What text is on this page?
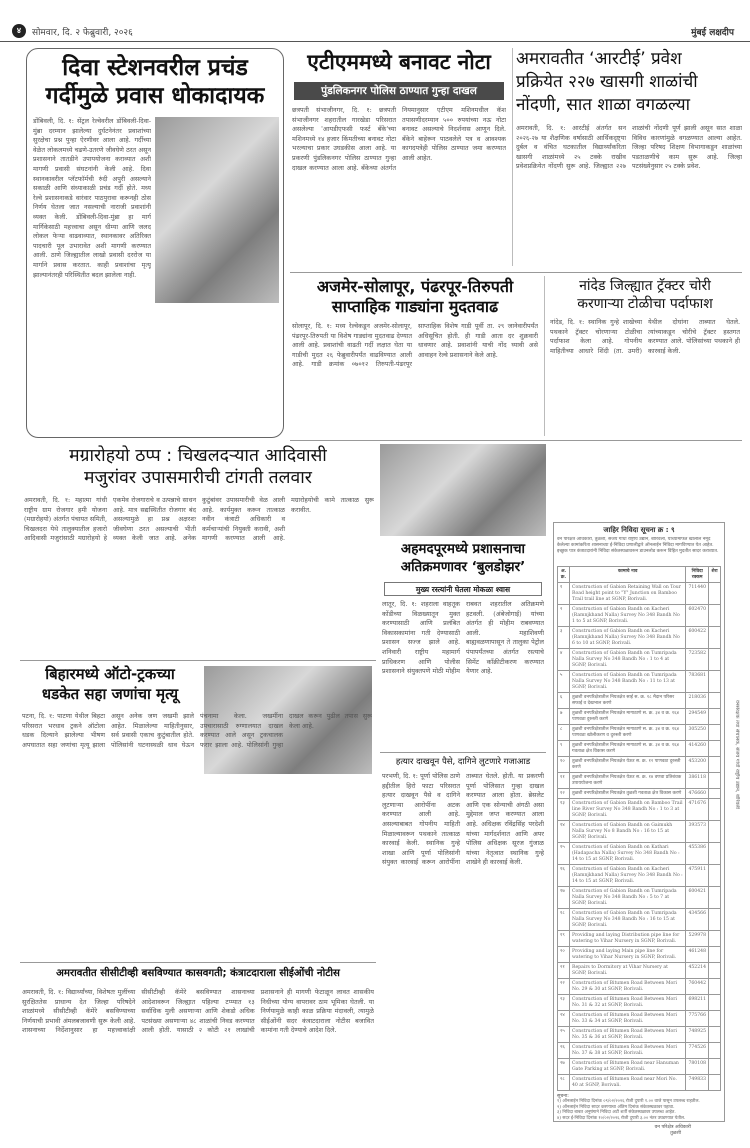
४	सोमवार, दि. २ फेब्रुवारी, २०२६	मुंबई लक्षदीप
दिवा स्टेशनवरील प्रचंड
गर्दीमुळे प्रवास धोकादायक
डोंबिवली, दि. १: सेंट्रल रेल्वेवरील डोंबिवली-दिवा-मुंब्रा दरम्यान झालेल्या दुर्घटनेनंतर प्रवाशांच्या सुरक्षेचा प्रश्न पुन्हा ऐरणीवर आला आहे. गर्दीच्या वेळेत लोकलमध्ये चढणे-उतरणे जीवघेणे ठरत असून प्रशासनाने तातडीने उपाययोजना कराव्यात अशी मागणी प्रवासी संघटनांनी केली आहे. दिवा स्थानकावरील प्लॅटफॉर्मची रुंदी अपुरी असल्याने सकाळी आणि संध्याकाळी प्रचंड गर्दी होते. मध्य रेल्वे प्रशासनाकडे वारंवार पाठपुरावा करूनही ठोस निर्णय घेतला जात नसल्याची नाराजी प्रवाशांनी व्यक्त केली. डोंबिवली-दिवा-मुंब्रा हा मार्ग मार्गिकेसाठी महत्त्वाचा असून धीम्या आणि जलद लोकल फेऱ्या वाढवाव्यात, स्थानकावर अतिरिक्त पादचारी पूल उभारावेत अशी मागणी करण्यात आली. ठाणे जिल्ह्यातील लाखो प्रवासी दररोज या मार्गाने प्रवास करतात. काही प्रवाशांचा मृत्यू झाल्यानंतरही परिस्थितीत बदल झालेला नाही.
एटीएममध्ये बनावट नोटा
पुंडलिकनगर पोलिस ठाण्यात गुन्हा दाखल
छत्रपती संभाजीनगर, दि. १: छत्रपती संभाजीनगर शहरातील गारखेडा परिसरात असलेल्या 'आयडीएफसी फर्स्ट बँके'च्या मशिनमध्ये १४ हजार किंमतीच्या बनावट नोटा भरल्याचा प्रकार उघडकीस आला आहे. या प्रकरणी पुंडलिकनगर पोलिस ठाण्यात गुन्हा दाखल करण्यात आला आहे. बँकेच्या अंतर्गत नियमानुसार एटीएम मशिनमधील कॅश तपासणीदरम्यान ५०० रुपयांच्या नऊ नोटा बनावट असल्याचे निदर्शनास आणून दिले. बँकेने बाहेरून पाठवलेले पत्र व आवश्यक कागदपत्रेही पोलिस ठाण्यात जमा करण्यात आली आहेत.
अमरावतीत ‘आरटीई’ प्रवेश
प्रक्रियेत २२७ खासगी शाळांची
नोंदणी, सात शाळा वगळल्या
अमरावती, दि. १: आरटीई अंतर्गत सन २०२६-२७ या शैक्षणिक वर्षासाठी आर्थिकदृष्ट्या दुर्बल व वंचित घटकातील विद्यार्थ्यांकरिता खासगी शाळांमध्ये २५ टक्के राखीव प्रवेशप्रक्रियेत नोंदणी सुरू आहे. जिल्ह्यात २२७ शाळांची नोंदणी पूर्ण झाली असून सात शाळा विविध कारणांमुळे वगळण्यात आल्या आहेत. जिल्हा परिषद शिक्षण विभागाकडून शाळांच्या पडताळणीचे काम सुरू आहे. जिल्हा पटसंख्येनुसार २५ टक्के प्रवेश.
अजमेर-सोलापूर, पंढरपूर-तिरुपती
साप्ताहिक गाड्यांना मुदतवाढ
सोलापूर, दि. १: मध्य रेल्वेकडून अजमेर-सोलापूर, पंढरपूर-तिरुपती या विशेष गाड्यांना मुदतवाढ देण्यात आली आहे. प्रवाशांची वाढती गर्दी लक्षात घेता या गाडीची मुदत २६ फेब्रुवारीपर्यंत वाढविण्यात आली आहे. गाडी क्रमांक ०७०१२ तिरुपती-पंढरपूर साप्ताहिक विशेष गाडी पूर्वी ता. २९ जानेवारीपर्यंत अधिसूचित होती. ही गाडी आता दर शुक्रवारी धावणार आहे. प्रवाशांनी याची नोंद घ्यावी असे आवाहन रेल्वे प्रशासनाने केले आहे.
नांदेड जिल्ह्यात ट्रॅक्टर चोरी
करणाऱ्या टोळीचा पर्दाफाश
नांदेड, दि. १: स्थानिक गुन्हे शाखेच्या पथकाने ट्रॅक्टर चोरणाऱ्या टोळीचा पर्दाफाश केला आहे. गोपनीय माहितीच्या आधारे शिंदी (ता. उमरी) येथील दोघांना ताब्यात घेतले. त्यांच्याकडून चोरीचे ट्रॅक्टर हस्तगत करण्यात आले. पोलिसांच्या पथकाने ही कारवाई केली.
मग्रारोहयो ठप्प : चिखलदऱ्यात आदिवासी
मजुरांवर उपासमारीची टांगती तलवार
अमरावती, दि. १: महात्मा गांधी राष्ट्रीय ग्राम रोजगार हमी योजना (मग्रारोहयो) अंतर्गत पंचायत समिती, चिखलदरा येथे तालुक्यातील हजारो आदिवासी मजुरांसाठी मग्रारोहयो हे एकमेव रोजगाराचे व उत्पन्नाचे साधन आहे. मात्र सद्यस्थितीत रोजगार बंद असल्यामुळे हा प्रश्न अक्षरशः जीवघेणा ठरत असल्याची भीती व्यक्त केली जात आहे. अनेक कुटुंबांवर उपासमारीची वेळ आली आहे. कार्यमुक्त करून तात्काळ नवीन कंत्राटी अधिकारी व कर्मचाऱ्यांची नियुक्ती करावी, अशी मागणी करण्यात आली आहे. मग्रारोहयोची कामे तात्काळ सुरू करावीत.
अहमदपूरमध्ये प्रशासनाचा
अतिक्रमणावर ‘बुलडोझर’
मुख्य रस्त्यांनी घेतला मोकळा श्वास
लातूर, दि. १: शहराला वाहतूक कोंडीच्या विळख्यातून मुक्त करण्यासाठी आणि प्रलंबित विकासकामांना गती देण्यासाठी प्रशासन सज्ज झाले आहे. शनिवारी राष्ट्रीय महामार्ग प्राधिकरण आणि पोलीस प्रशासनाने संयुक्तपणे मोठी मोहीम राबवत शहरातील अतिक्रमणे हटवली. (अंबेजोगाई) यांच्या अंतर्गत ही मोहीम राबवण्यात आली. महाशिवणी बाह्यवळणापासून ते तालुका पेट्रोल पंपापर्यंतच्या अंतर्गत रस्त्याचे सिमेंट काँक्रीटीकरण करण्यात येणार आहे.
बिहारमध्ये ऑटो-ट्रकच्या
धडकेत सहा जणांचा मृत्यू
पटना, दि. १: पाटणा येथील बिहटा परिसरात भरधाव ट्रकने ऑटोला धडक दिल्याने झालेल्या भीषण अपघातात सहा जणांचा मृत्यू झाला असून अनेक जण जखमी झाले आहेत. मिळालेल्या माहितीनुसार, सर्व प्रवासी एकाच कुटुंबातील होते. पोलिसांनी घटनास्थळी धाव घेऊन पंचनामा केला. जखमींना उपचारासाठी रुग्णालयात दाखल करण्यात आले असून ट्रकचालक फरार झाला आहे. पोलिसांनी गुन्हा दाखल करून पुढील तपास सुरू केला आहे.
हत्यार दाखवून पैसे, दागिने लुटणारे गजाआड
परभणी, दि. १: पूर्णा पोलिस ठाणे हद्दीतील हिरो फाटा परिसरात हत्यार दाखवून पैसे व दागिने लुटणाऱ्या आरोपींना अटक करण्यात आली आहे. असल्याबाबत गोपनीय माहिती मिळाल्यावरून पथकाने तात्काळ कारवाई केली. स्थानिक गुन्हे शाखा आणि पूर्णा पोलिसांनी संयुक्त कारवाई करून आरोपींना ताब्यात घेतले. होती. या प्रकरणी पूर्णा पोलिसात गुन्हा दाखल करण्यात आला होता. ब्रेसलेट आणि एक सोन्याची अंगठी असा मुद्देमाल जप्त करण्यात आला आहे. अधिक्षक रविंद्रसिंह परदेशी यांच्या मार्गदर्शनात आणि अपर पोलिस अधिक्षक सूरज गुंजाळ यांच्या नेतृत्वात स्थानिक गुन्हे शाखेने ही कारवाई केली.
अमरावतीत सीसीटीव्ही बसविण्यात कासवगती; कंत्राटदाराला सीईओंची नोटीस
अमरावती, दि. १: विद्यार्थ्यांच्या, विशेषतः मुलींच्या सुरक्षिततेस प्राधान्य देत जिल्हा परिषदेने शाळांमध्ये सीसीटीव्ही कॅमेरे बसविण्याच्या निर्णयाची प्रभावी अंमलबजावणी सुरू केली आहे. शासनाच्या निर्देशानुसार हा महत्त्वाकांक्षी सीसीटीव्ही कॅमेरे बसविण्यात शासनाच्या आदेशावरून जिल्ह्यात पहिल्या टप्प्यात १३ सर्वाधिक मुली असणाऱ्या आणि शेकडो अधिक पटसंख्या असणाऱ्या ४८ शाळांची निवड करण्यात आली होती. यासाठी २ कोटी २१ लाखांची प्रशासनाने ही मागणी फेटाळून लावत शासकीय निधीच्या योग्य वापरावर ठाम भूमिका घेतली. या निर्णयामुळे काही काळ प्रक्रिया मंदावली, त्यामुळे सीईओंनी सदर कंत्राटदाराला नोटीस बजावित कामांना गती देण्याचे आदेश दिले.
जाहिर निविदा सूचना क्र : ९
वन परिक्षेत्र अधिकारी, तुळशी, संजय गांधी राष्ट्रीय उद्यान, बोरिवली, यांच्यामार्फत खालील नमूद केलेल्या कामांकरिता शासनाच्या ई-निविदा प्रणालीद्वारे ऑनलाईन निविदा मागविण्यात येत आहेत. इच्छुक पात्र कंत्राटदारांनी निविदा संकेतस्थळावरून डाउनलोड करून विहित मुदतीत सादर कराव्यात.
अ. क्र.	कामाचे नाव	निविदा रक्कम	शेरा
१	Construction of Gabion Retaining Wall on Tour Road height point to "Y" Junction on Bamboo Trail trail line at SGNP, Borivali.	711440	
२	Construction of Gabion Bandh on Kacheri (Ramnjkhand Nalla) Survey No 348 Bandh No 1 to 5 at SGNP, Borivali.	602470	
३	Construction of Gabion Bandh on Kacheri (Ramnjkhand Nalla) Survey No 348 Bandh No 6 to 10 at SGNP, Borivali.	600422	
४	Construction of Gabion Bandh on Tumripada Nalla Survey No 348 Bandh No : 1 to 4 at SGNP, Borivali.	723582	
५	Construction of Gabion Bandh on Tumripada Nalla Survey No 348 Bandh No : 11 to 13 at SGNP, Borivali.	783681	
६	तुळशी वनपरिक्षेत्रातील नियतक्षेत्र साई स. क्र. १८ मैदान परिसर सफाई व देखभाल करणे	218036	
७	तुळशी वनपरिक्षेत्रातील नियतक्षेत्र मागाठाणे स. क्र. ३४ व क्र. १६४ पाणवठा दुरुस्ती करणे	294549	
८	तुळशी वनपरिक्षेत्रातील नियतक्षेत्र मागाठाणे स. क्र. ३४ व क्र. १६४ पाणवठा खोलीकरण व दुरुस्ती करणे	305250	
९	तुळशी वनपरिक्षेत्रातील नियतक्षेत्र मागाठाणे स. क्र. ३४ व क्र. १६४ गवताळ क्षेत्र विकास करणे	414260	
१०	तुळशी वनपरिक्षेत्रातील नियतक्षेत्र येऊर स. क्र. १२ पाणवठा दुरुस्ती करणे	453200	
११	तुळशी वनपरिक्षेत्रातील नियतक्षेत्र येऊर स. क्र. १४ वणवा प्रतिबंधक उपाययोजना करणे	386118	
१२	तुळशी वनपरिक्षेत्रातील नियतक्षेत्र तुळशी गवताळ क्षेत्र विकास करणे	476660	
१३	Construction of Gabion Bandh on Bamboo Trail line River Survey No 348 Bandh No : 1 to 3 at SGNP, Borivali.	471676	
१४	Construction of Gabion Bandh on Gaimukh Nalla Survey No 8 Bandh No : 16 to 15 at SGNP, Borivali.	393573	
१५	Construction of Gabion Bandh on Kathari (Hadapacha Nalla) Survey No 348 Bandh No : 14 to 15 at SGNP, Borivali.	455386	
१६	Construction of Gabion Bandh on Kacheri (Ramnjkhand Nalla) Survey No 348 Bandh No : 14 to 15 at SGNP, Borivali.	475911	
१७	Construction of Gabion Bandh on Tumripada Nalla Survey No 348 Bandh No : 5 to 7 at SGNP, Borivali.	600421	
१८	Construction of Gabion Bandh on Tumripada Nalla Survey No 348 Bandh No : 16 to 15 at SGNP, Borivali.	434566	
१९	Providing and laying Distribution pipe line for watering to Vihar Nursery in SGNP, Borivali.	529978	
२०	Providing and laying Main pipe line for watering to Vihar Nursery in SGNP, Borivali.	461248	
२१	Repairs to Dormitory at Vihar Nursery at SGNP, Borivali.	452214	
२२	Construction of Bitumen Road Between Mori No. 29 & 30 at SGNP, Borivali.	760442	
२३	Construction of Bitumen Road Between Mori No. 31 & 32 at SGNP, Borivali.	698211	
२४	Construction of Bitumen Road Between Mori No. 33 & 34 at SGNP, Borivali.	775766	
२५	Construction of Bitumen Road Between Mori No. 35 & 36 at SGNP, Borivali.	748925	
२६	Construction of Bitumen Road Between Mori No. 37 & 38 at SGNP, Borivali.	774526	
२७	Construction of Bitumen Road near Hanuman Gate Parking at SGNP, Borivali.	780108	
२८	Construction of Bitumen Road near Mori No. 40 at SGNP, Borivali.	749833	
सूचना:
१) ऑनलाईन निविदा दिनांक ०९/०२/२०२६ रोजी दुपारी १.०० वाजे पासून उपलब्ध राहतील.
२) ऑनलाईन निविदा सादर करण्याचा अंतिम दिनांक संकेतस्थळावर पहावा.
३) निविदा बाबत अनुषंगाने निविदा अटी शर्ती संकेतस्थळावर उपलब्ध आहेत.
४) सदर ई-निविदा दिनांक १०/०२/२०२६ रोजी दुपारी ३.०० नंतर उघडण्यात येतील.
वन परिक्षेत्र अधिकारी
तुळशी
वनसंरक्षक तथा संचालक, संजय गांधी राष्ट्रीय उद्यान, बोरिवली
